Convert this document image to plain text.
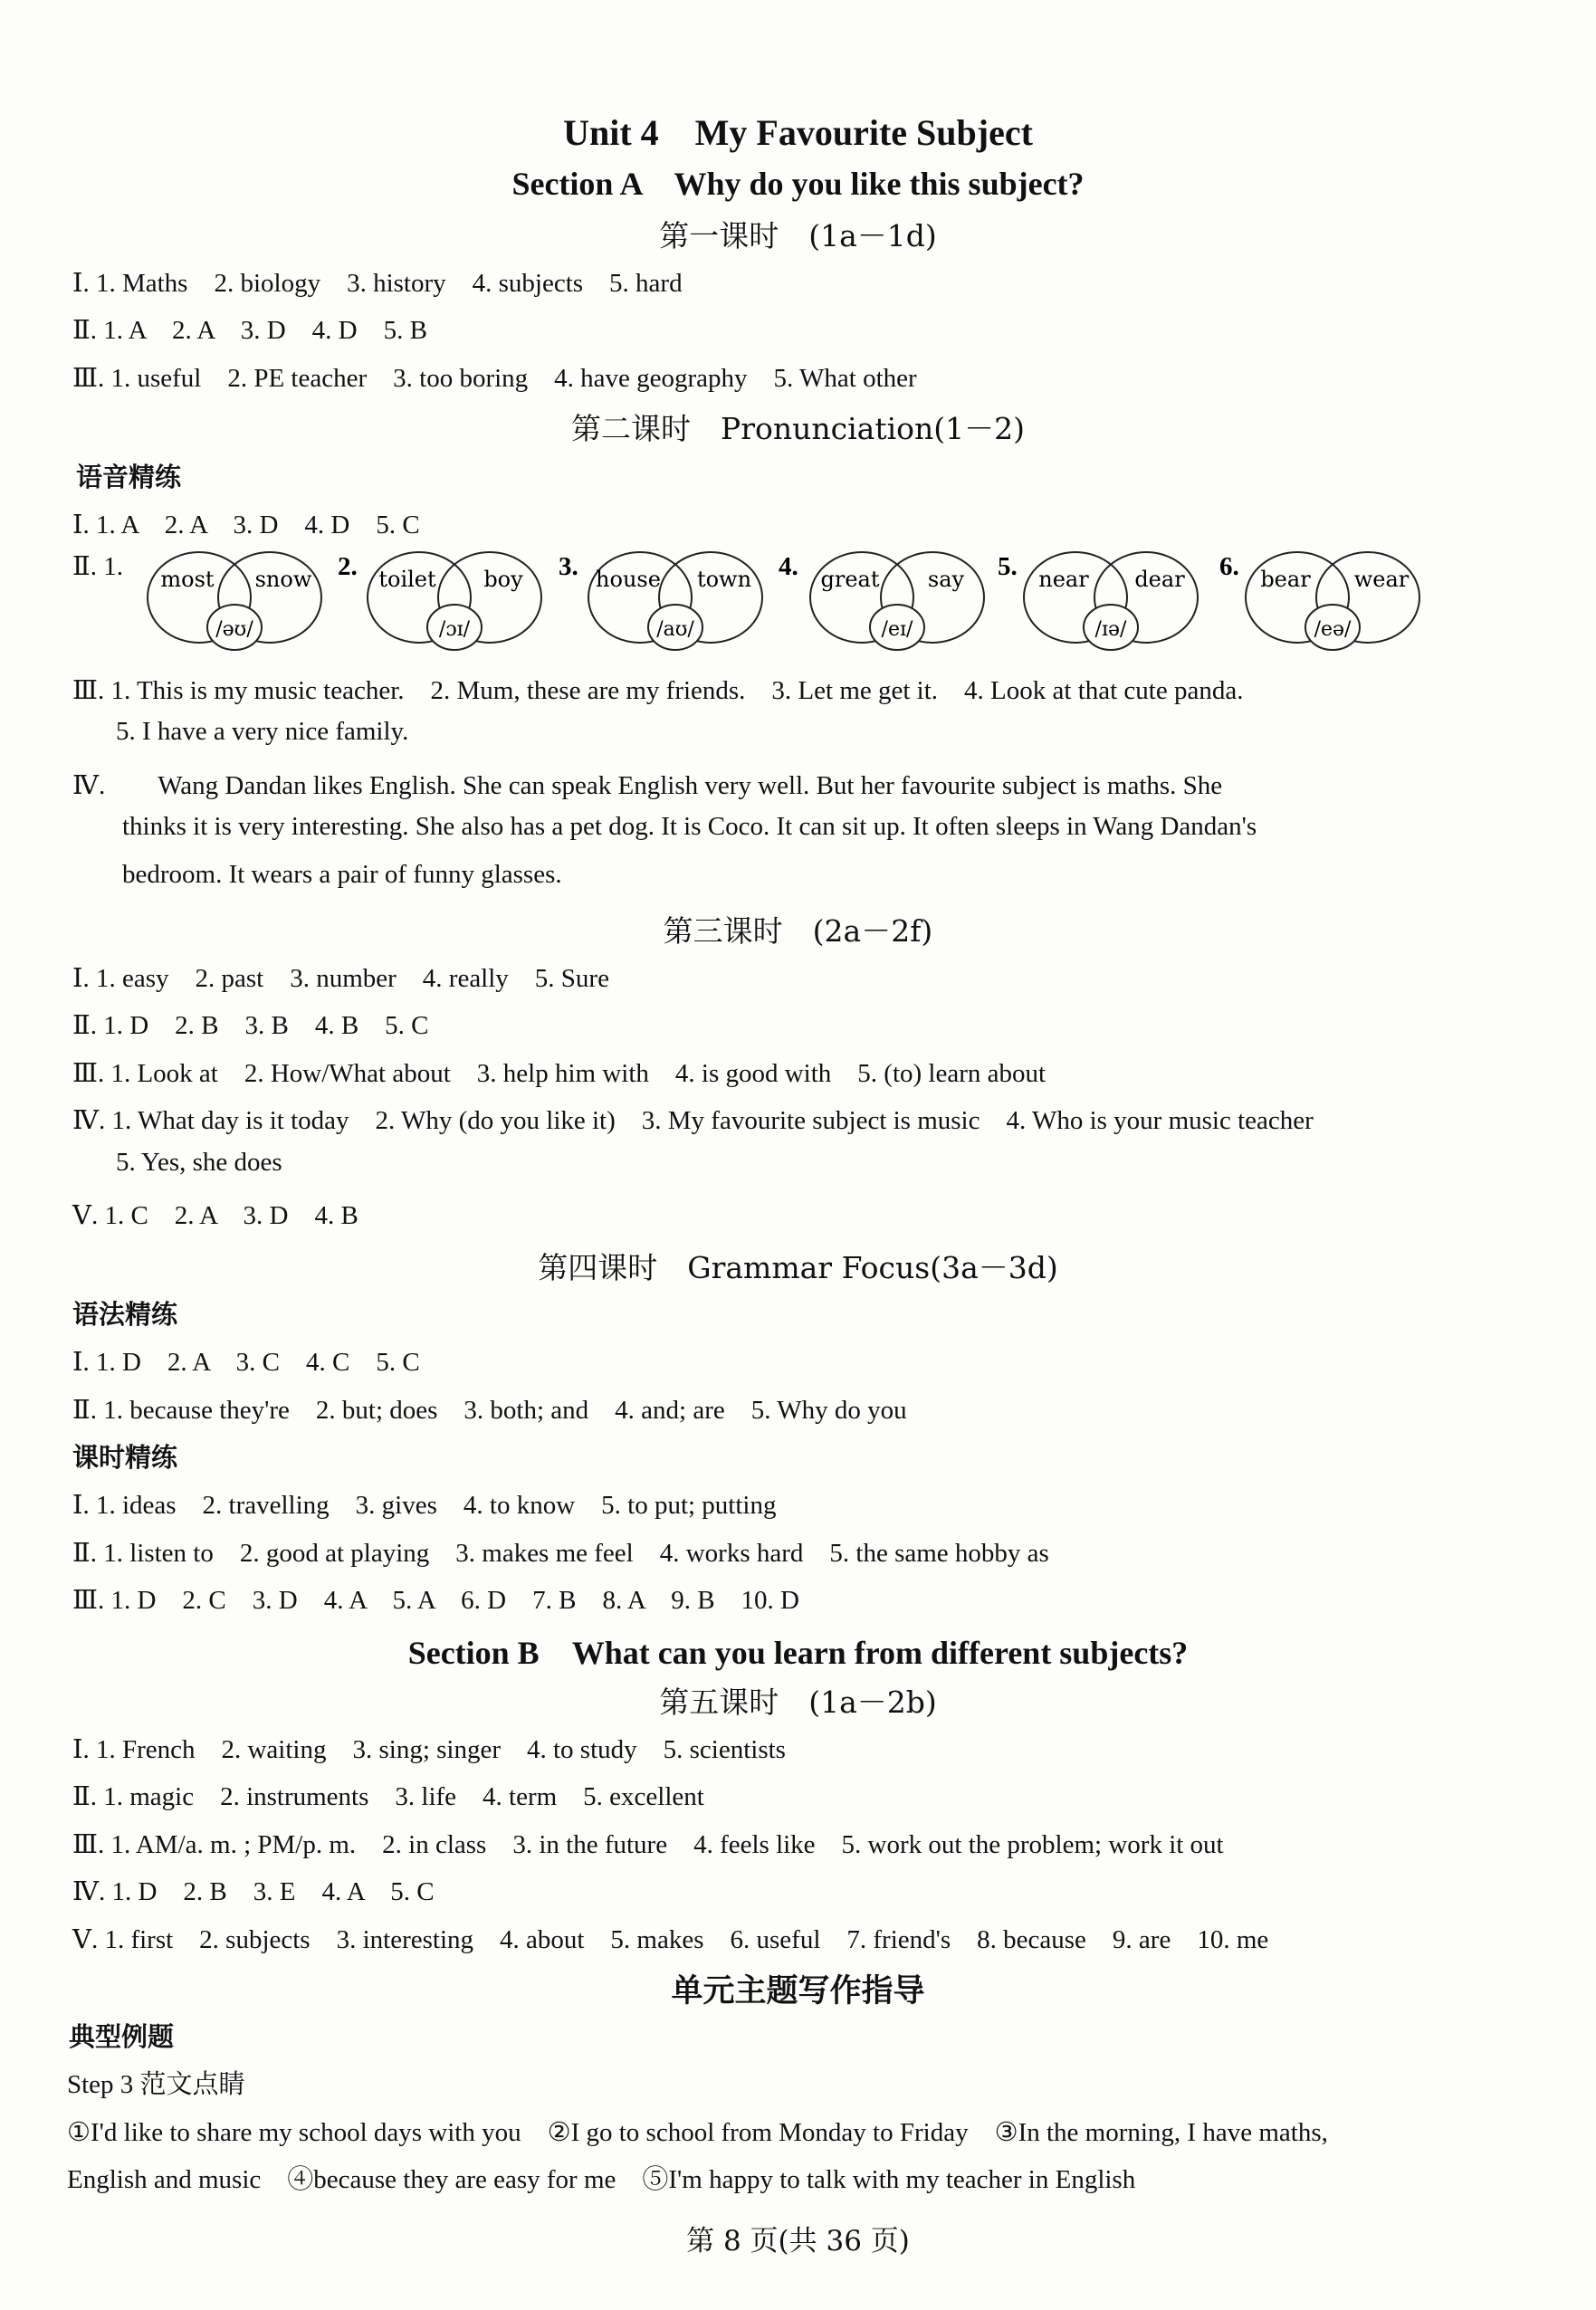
Unit 4　My Favourite Subject
Section A　Why do you like this subject?
第一课时　(1a－1d)
Ⅰ. 1. Maths　2. biology　3. history　4. subjects　5. hard
Ⅱ. 1. A　2. A　3. D　4. D　5. B
Ⅲ. 1. useful　2. PE teacher　3. too boring　4. have geography　5. What other
第二课时　Pronunciation(1－2)
语音精练
Ⅰ. 1. A　2. A　3. D　4. D　5. C
Ⅱ. 1. most snow
/əʊ/
2. toilet boy
/ɔɪ/
3. house town
/aʊ/
4. great say
/eɪ/
5. near dear
/ɪə/
6. bear wear
/eə/
Ⅲ. 1. This is my music teacher.　2. Mum, these are my friends.　3. Let me get it.　4. Look at that cute panda.
5. I have a very nice family.
Ⅳ.　　Wang Dandan likes English. She can speak English very well. But her favourite subject is maths. She
thinks it is very interesting. She also has a pet dog. It is Coco. It can sit up. It often sleeps in Wang Dandan's
bedroom. It wears a pair of funny glasses.
第三课时　(2a－2f)
Ⅰ. 1. easy　2. past　3. number　4. really　5. Sure
Ⅱ. 1. D　2. B　3. B　4. B　5. C
Ⅲ. 1. Look at　2. How/What about　3. help him with　4. is good with　5. (to) learn about
Ⅳ. 1. What day is it today　2. Why (do you like it)　3. My favourite subject is music　4. Who is your music teacher
5. Yes, she does
Ⅴ. 1. C　2. A　3. D　4. B
第四课时　Grammar Focus(3a－3d)
语法精练
Ⅰ. 1. D　2. A　3. C　4. C　5. C
Ⅱ. 1. because they're　2. but; does　3. both; and　4. and; are　5. Why do you
课时精练
Ⅰ. 1. ideas　2. travelling　3. gives　4. to know　5. to put; putting
Ⅱ. 1. listen to　2. good at playing　3. makes me feel　4. works hard　5. the same hobby as
Ⅲ. 1. D　2. C　3. D　4. A　5. A　6. D　7. B　8. A　9. B　10. D
Section B　What can you learn from different subjects?
第五课时　(1a－2b)
Ⅰ. 1. French　2. waiting　3. sing; singer　4. to study　5. scientists
Ⅱ. 1. magic　2. instruments　3. life　4. term　5. excellent
Ⅲ. 1. AM/a. m. ; PM/p. m.　2. in class　3. in the future　4. feels like　5. work out the problem; work it out
Ⅳ. 1. D　2. B　3. E　4. A　5. C
Ⅴ. 1. first　2. subjects　3. interesting　4. about　5. makes　6. useful　7. friend's　8. because　9. are　10. me
单元主题写作指导
典型例题
Step 3 范文点睛
①I'd like to share my school days with you　②I go to school from Monday to Friday　③In the morning, I have maths,
English and music　④because they are easy for me　⑤I'm happy to talk with my teacher in English
第 8 页(共 36 页)
